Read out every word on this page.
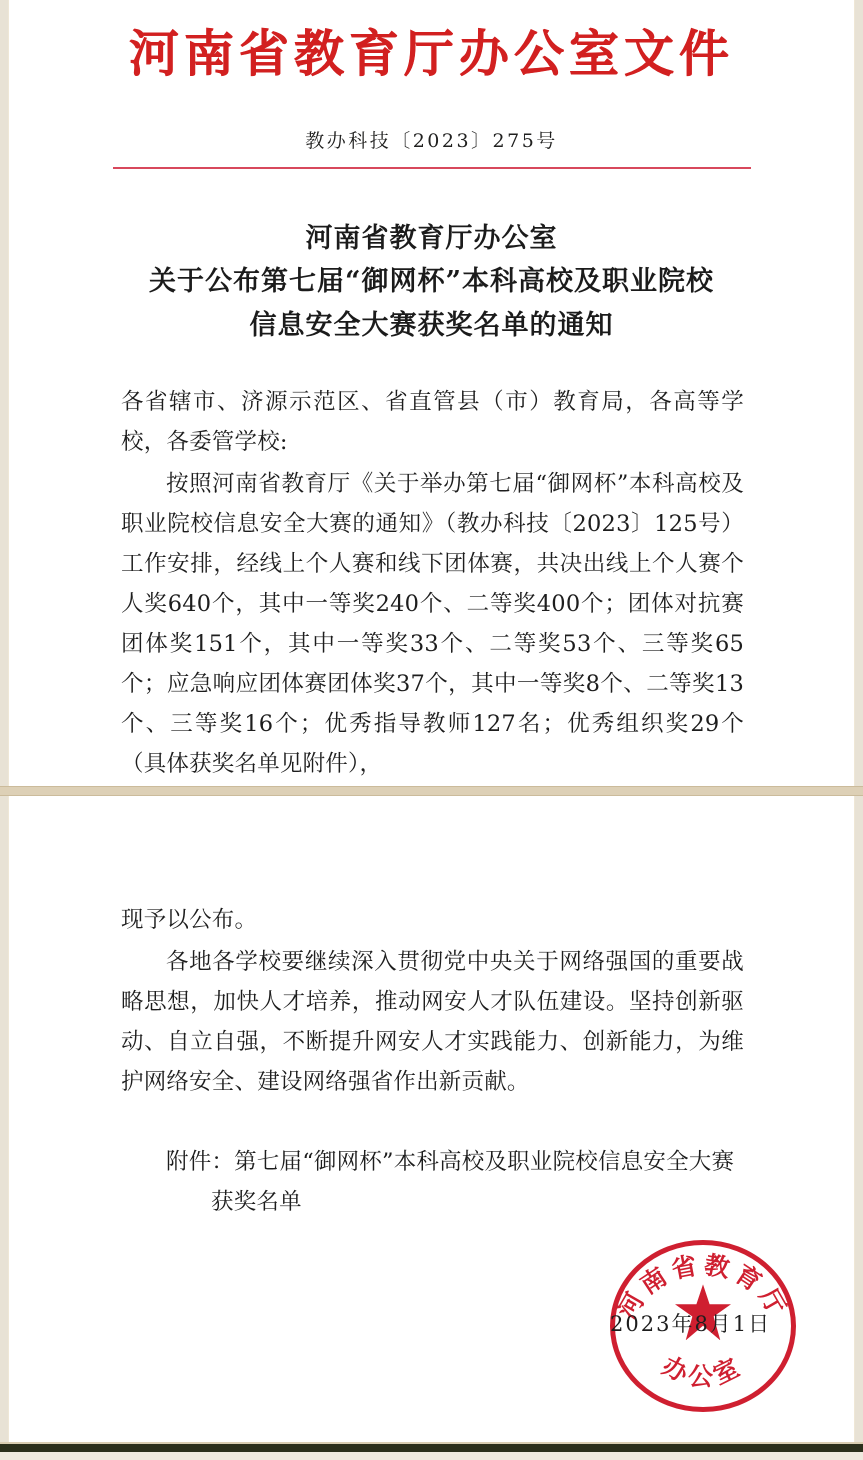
河南省教育厅办公室文件
教办科技〔2023〕275号
河南省教育厅办公室
关于公布第七届“御网杯”本科高校及职业院校
信息安全大赛获奖名单的通知

各省辖市、济源示范区、省直管县（市）教育局，各高等学校，各委管学校:

按照河南省教育厅《关于举办第七届“御网杯”本科高校及职业院校信息安全大赛的通知》（教办科技〔2023〕125号）工作安排，经线上个人赛和线下团体赛，共决出线上个人赛个人奖640个，其中一等奖240个、二等奖400个；团体对抗赛团体奖151个，其中一等奖33个、二等奖53个、三等奖65个；应急响应团体赛团体奖37个，其中一等奖8个、二等奖13个、三等奖16个；优秀指导教师127名；优秀组织奖29个（具体获奖名单见附件），

现予以公布。

各地各学校要继续深入贯彻党中央关于网络强国的重要战略思想，加快人才培养，推动网安人才队伍建设。坚持创新驱动、自立自强，不断提升网安人才实践能力、创新能力，为维护网络安全、建设网络强省作出新贡献。

附件：第七届“御网杯”本科高校及职业院校信息安全大赛
获奖名单
河南省教育厅
办公室
2023年8月1日
